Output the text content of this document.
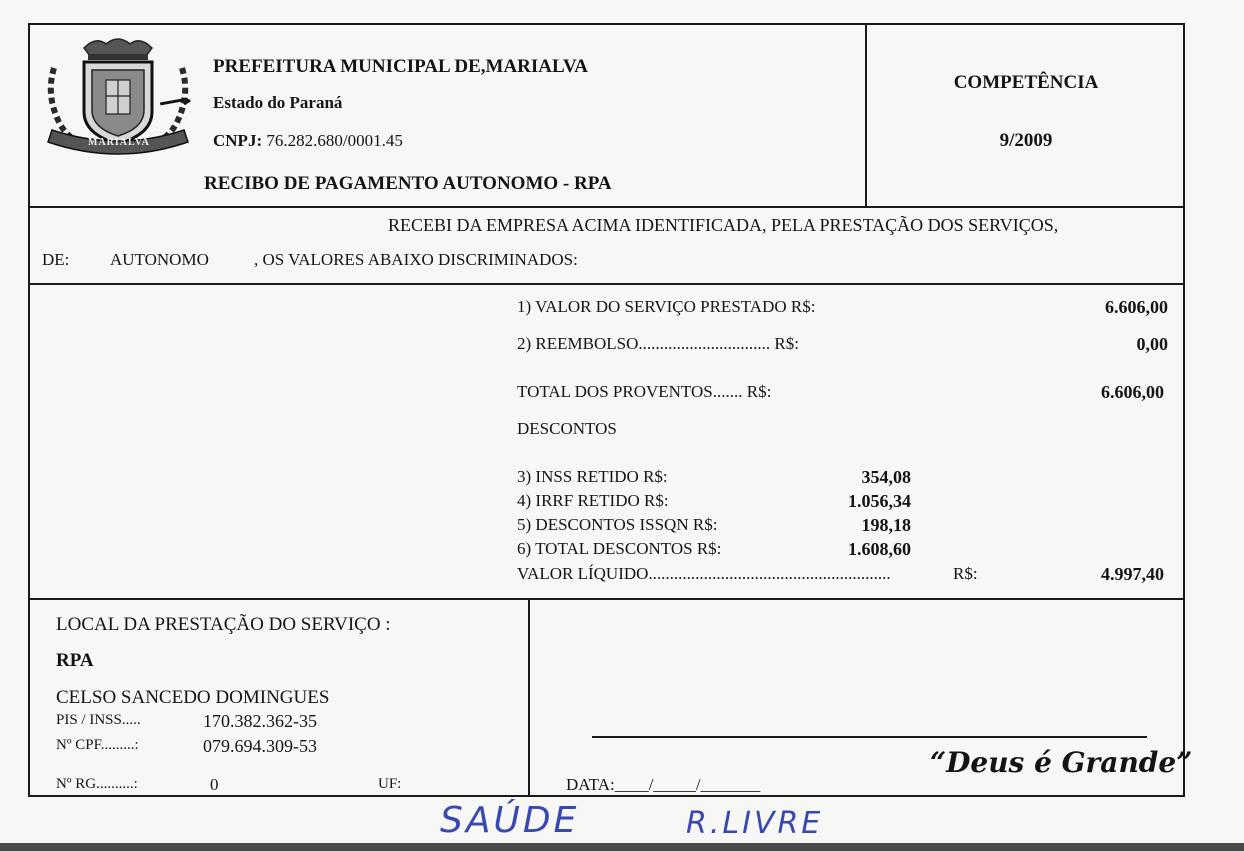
MARIALVA
PREFEITURA MUNICIPAL DE,MARIALVA
Estado do Paraná
CNPJ: 76.282.680/0001.45
RECIBO DE PAGAMENTO AUTONOMO - RPA
COMPETÊNCIA
9/2009
RECEBI DA EMPRESA ACIMA IDENTIFICADA, PELA PRESTAÇÃO DOS SERVIÇOS,
DE: AUTONOMO	, OS VALORES ABAIXO DISCRIMINADOS:
1) VALOR DO SERVIÇO PRESTADO R$:	6.606,00
2) REEMBOLSO............................... R$:	0,00
TOTAL DOS PROVENTOS....... R$:	6.606,00
DESCONTOS
3) INSS RETIDO R$:	354,08
4) IRRF RETIDO R$:	1.056,34
5) DESCONTOS ISSQN R$:	198,18
6) TOTAL DESCONTOS R$:	1.608,60
VALOR LÍQUIDO.........................................................	R$:	4.997,40
LOCAL DA PRESTAÇÃO DO SERVIÇO :
RPA
CELSO SANCEDO DOMINGUES
PIS / INSS.....	170.382.362-35
Nº CPF.........:	079.694.309-53
Nº RG..........:	0	UF:	DATA:____/_____/_______
“Deus é Grande”
SAÚDE	R.LIVRE
